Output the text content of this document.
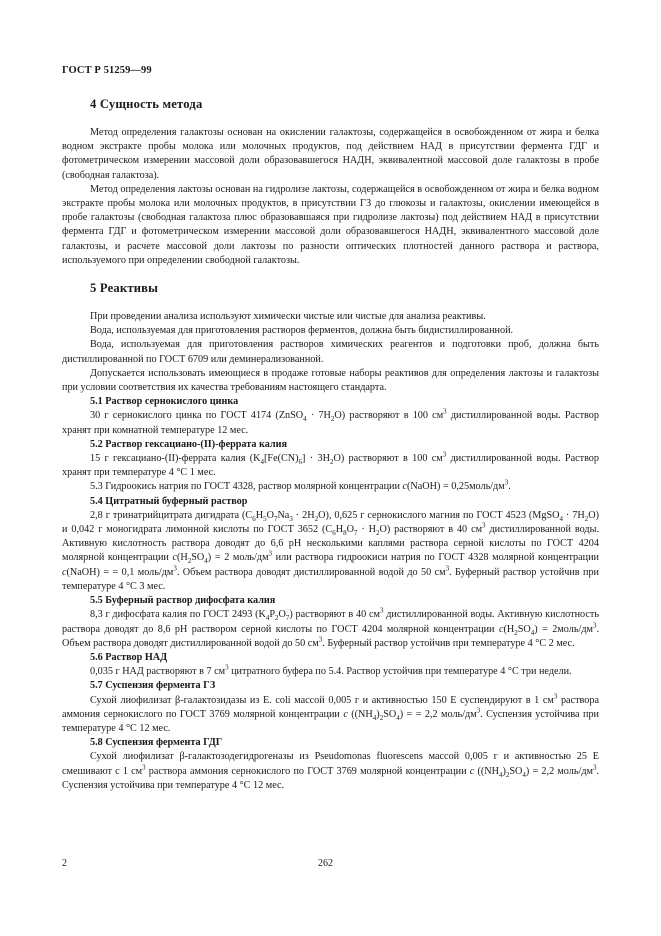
ГОСТ Р 51259—99
4 Сущность метода

Метод определения галактозы основан на окислении галактозы, содержащейся в освобожденном от жира и белка водном экстракте пробы молока или молочных продуктов, под действием НАД в присутствии фермента ГДГ и фотометрическом измерении массовой доли образовавшегося НАДН, эквивалентной массовой доле галактозы в пробе (свободная галактоза).

Метод определения лактозы основан на гидролизе лактозы, содержащейся в освобожденном от жира и белка водном экстракте пробы молока или молочных продуктов, в присутствии ГЗ до глюкозы и галактозы, окислении имеющейся в пробе галактозы (свободная галактоза плюс образовавшаяся при гидролизе лактозы) под действием НАД в присутствии фермента ГДГ и фотометрическом измерении массовой доли образовавшегося НАДН, эквивалентного массовой доле галактозы, и расчете массовой доли лактозы по разности оптических плотностей данного раствора и раствора, используемого при определении свободной галактозы.

5 Реактивы

При проведении анализа используют химически чистые или чистые для анализа реактивы.

Вода, используемая для приготовления растворов ферментов, должна быть бидистиллированной.

Вода, используемая для приготовления растворов химических реагентов и подготовки проб, должна быть дистиллированной по ГОСТ 6709 или деминерализованной.

Допускается использовать имеющиеся в продаже готовые наборы реактивов для определения лактозы и галактозы при условии соответствия их качества требованиям настоящего стандарта.

5.1 Раствор сернокислого цинка

30 г сернокислого цинка по ГОСТ 4174 (ZnSO$_4$ · $7H_2O$) растворяют в 100 $см^3$ дистиллированной воды. Раствор хранят при комнатной температуре 12 мес.

5.2 Раствор гексациано-(II)-феррата калия

15 г гексациано-(II)-феррата калия $(K_4[Fe(CN)_6] \cdot 3H_2O)$ растворяют в 100 $см^3$ дистиллированной воды. Раствор хранят при температуре 4 °С 1 мес.

5.3 Гидроокись натрия по ГОСТ 4328, раствор молярной концентрации c(NaOH) = $0,25моль/дм^3$.

5.4 Цитратный буферный раствор

2,8 г тринатрийцитрата дигидрата $(C_6H_5O_7Na_3 \cdot 2H_2O)$, 0,625 г сернокислого магния по ГОСТ 4523 (MgSO$_4$ · $7H_2O$) и 0,042 г моногидрата лимонной кислоты по ГОСТ 3652 $(C_6H_8O_7 \cdot H_2O)$ растворяют в 40 $см^3$ дистиллированной воды. Активную кислотность раствора доводят до 6,6 pH несколькими каплями раствора серной кислоты по ГОСТ 4204 молярной концентрации $c(H_2SO_4) = 2$ моль/$дм^3$ или раствора гидроокиси натрия по ГОСТ 4328 молярной концентрации c(NaOH) = = 0,1 моль/$дм^3$. Объем раствора доводят дистиллированной водой до 50 $см^3$. Буферный раствор устойчив при температуре 4 °С 3 мес.

5.5 Буферный раствор дифосфата калия

8,3 г дифосфата калия по ГОСТ 2493 $(K_4P_2O_7)$ растворяют в 40 $см^3$ дистиллированной воды. Активную кислотность раствора доводят до 8,6 pH раствором серной кислоты по ГОСТ 4204 молярной концентрации $c(H_2SO_4)$ = $2моль/дм^3$. Объем раствора доводят дистиллированной водой до 50 $см^3$. Буферный раствор устойчив при температуре 4 °С 2 мес.

5.6 Раствор НАД

0,035 г НАД растворяют в 7 $см^3$ цитратного буфера по 5.4. Раствор устойчив при температуре 4 °С три недели.

5.7 Суспензия фермента ГЗ

Сухой лиофилизат β-галактозидазы из E. coli массой 0,005 г и активностью 150 Е суспендируют в 1 $см^3$ раствора аммония сернокислого по ГОСТ 3769 молярной концентрации c $((NH_4)_2SO_4)$ = = 2,2 моль/$дм^3$. Суспензия устойчива при температуре 4 °С 12 мес.

5.8 Суспензия фермента ГДГ

Сухой лиофилизат β-галактозодегидрогеназы из Pseudomonas fluorescens массой 0,005 г и активностью 25 Е смешивают с 1 $см^3$ раствора аммония сернокислого по ГОСТ 3769 молярной концентрации c $((NH_4)_2SO_4) = 2,2$ моль/$дм^3$. Суспензия устойчива при температуре 4 °С 12 мес.

2	262
